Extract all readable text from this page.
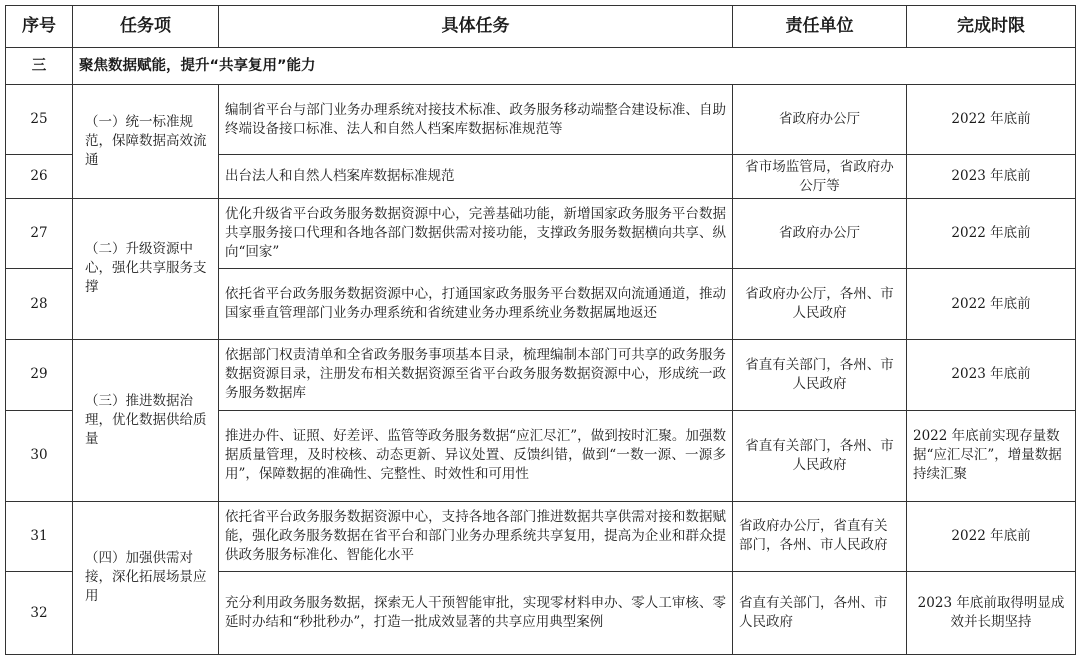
序号	任务项	具体任务	责任单位	完成时限
三	聚焦数据赋能，提升“共享复用”能力			
25	（一）统一标准规范，保障数据高效流通	编制省平台与部门业务办理系统对接技术标准、政务服务移动端整合建设标准、自助终端设备接口标准、法人和自然人档案库数据标准规范等	省政府办公厅	2022 年底前
26		出台法人和自然人档案库数据标准规范	省市场监管局，省政府办公厅等	2023 年底前
27	（二）升级资源中心，强化共享服务支撑	优化升级省平台政务服务数据资源中心，完善基础功能，新增国家政务服务平台数据共享服务接口代理和各地各部门数据供需对接功能，支撑政务服务数据横向共享、纵向“回家”	省政府办公厅	2022 年底前
28		依托省平台政务服务数据资源中心，打通国家政务服务平台数据双向流通通道，推动国家垂直管理部门业务办理系统和省统建业务办理系统业务数据属地返还	省政府办公厅，各州、市人民政府	2022 年底前
29	（三）推进数据治理，优化数据供给质量	依据部门权责清单和全省政务服务事项基本目录，梳理编制本部门可共享的政务服务数据资源目录，注册发布相关数据资源至省平台政务服务数据资源中心，形成统一政务服务数据库	省直有关部门，各州、市人民政府	2023 年底前
30		推进办件、证照、好差评、监管等政务服务数据“应汇尽汇”，做到按时汇聚。加强数据质量管理，及时校核、动态更新、异议处置、反馈纠错，做到“一数一源、一源多用”，保障数据的准确性、完整性、时效性和可用性	省直有关部门，各州、市人民政府	2022 年底前实现存量数据“应汇尽汇”，增量数据持续汇聚
31	（四）加强供需对接，深化拓展场景应用	依托省平台政务服务数据资源中心，支持各地各部门推进数据共享供需对接和数据赋能，强化政务服务数据在省平台和部门业务办理系统共享复用，提高为企业和群众提供政务服务标准化、智能化水平	省政府办公厅，省直有关部门，各州、市人民政府	2022 年底前
32		充分利用政务服务数据，探索无人干预智能审批，实现零材料申办、零人工审核、零延时办结和“秒批秒办”，打造一批成效显著的共享应用典型案例	省直有关部门，各州、市人民政府	2023 年底前取得明显成效并长期坚持
